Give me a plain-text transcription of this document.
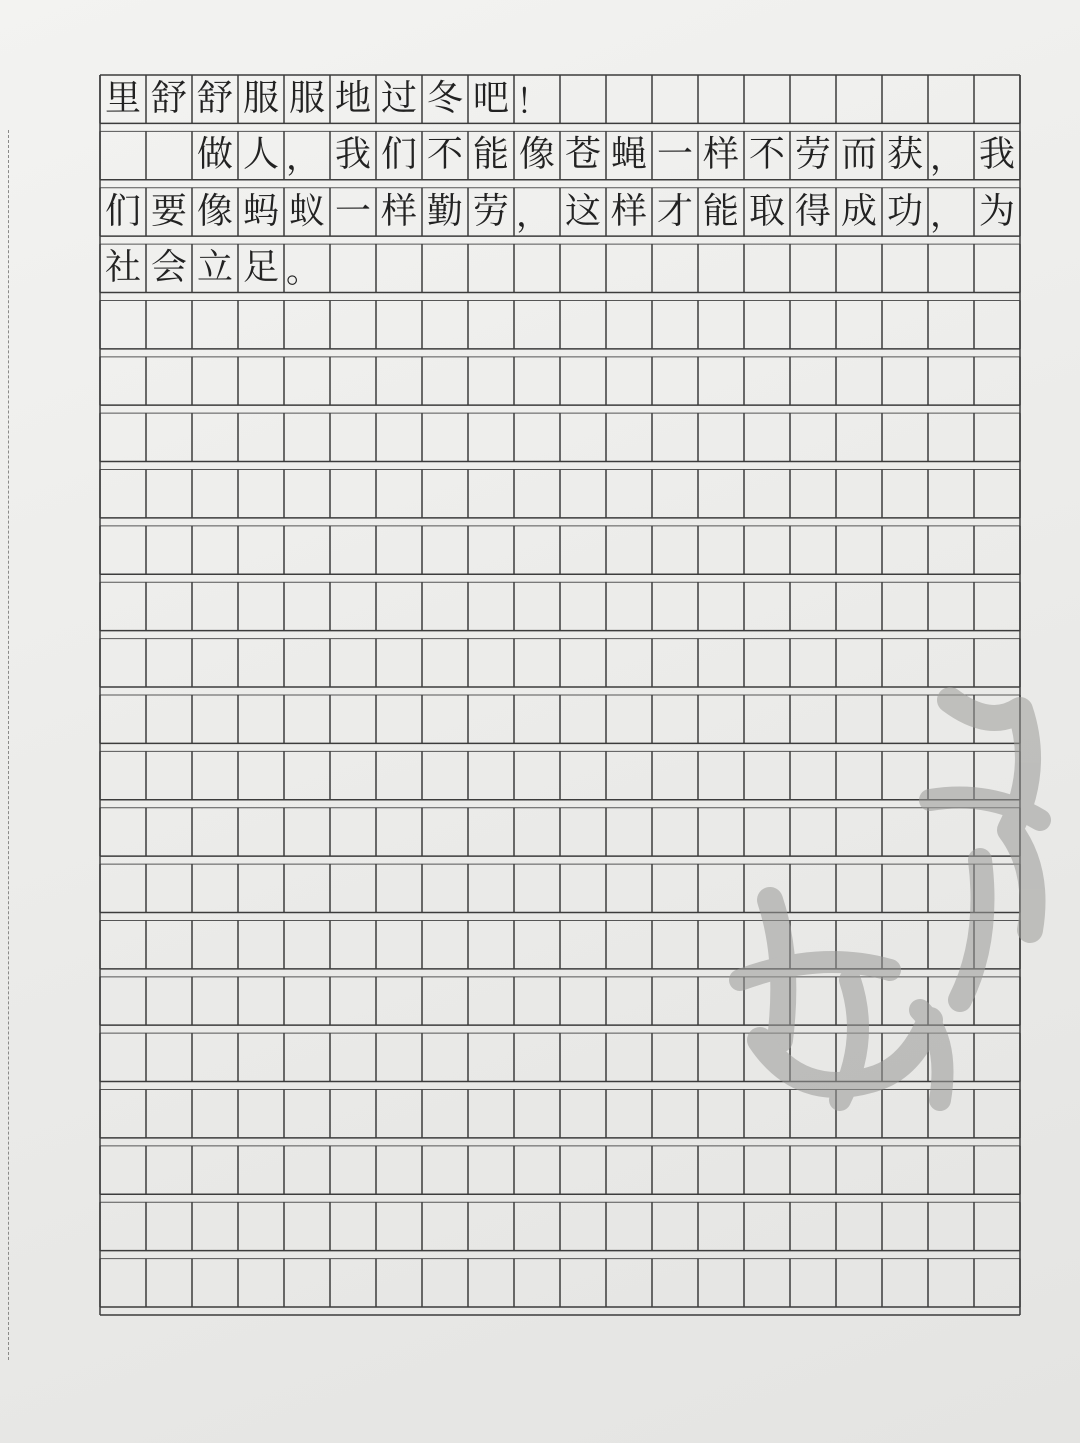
里 舒 舒 服 服 地 过 冬 吧 ！
做 人 ， 我 们 不 能 像 苍 蝇 一 样 不 劳 而 获 ， 我
们 要 像 蚂 蚁 一 样 勤 劳 ， 这 样 才 能 取 得 成 功 ， 为
社 会 立 足 。
